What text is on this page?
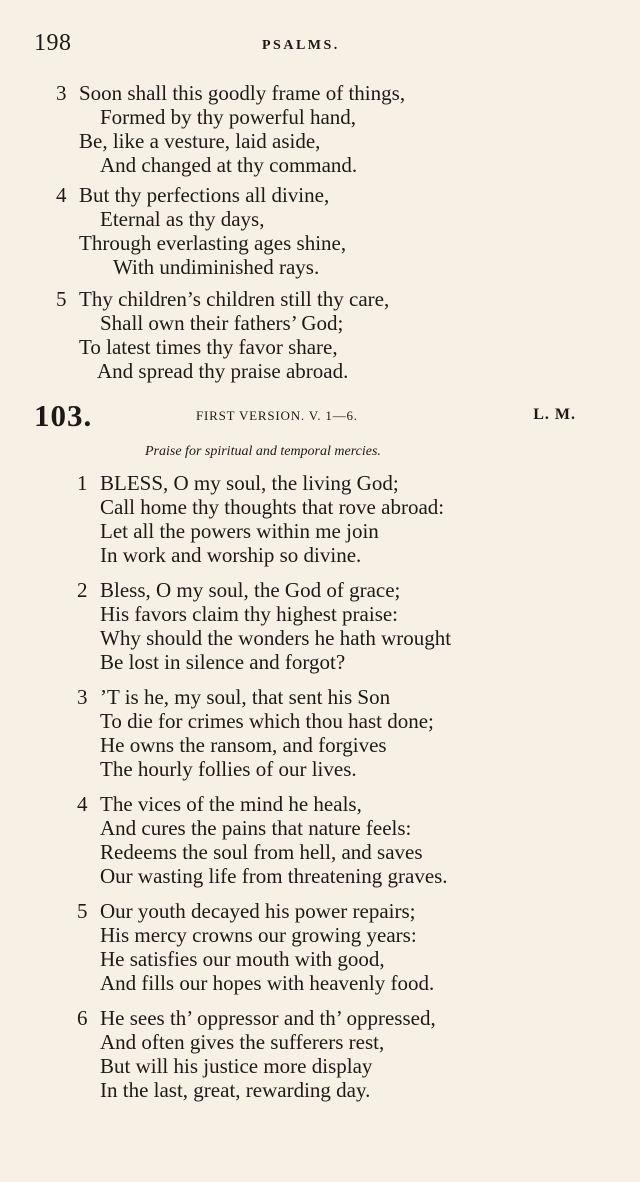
198	PSALMS.
3 Soon shall this goodly frame of things,
Formed by thy powerful hand,
Be, like a vesture, laid aside,
And changed at thy command.
4 But thy perfections all divine,
Eternal as thy days,
Through everlasting ages shine,
With undiminished rays.
5 Thy children’s children still thy care,
Shall own their fathers’ God;
To latest times thy favor share,
And spread thy praise abroad.
103.	FIRST VERSION. V. 1—6.	L. M.
Praise for spiritual and temporal mercies.
1 BLESS, O my soul, the living God;
Call home thy thoughts that rove abroad:
Let all the powers within me join
In work and worship so divine.
2 Bless, O my soul, the God of grace;
His favors claim thy highest praise:
Why should the wonders he hath wrought
Be lost in silence and forgot?
3 ’T is he, my soul, that sent his Son
To die for crimes which thou hast done;
He owns the ransom, and forgives
The hourly follies of our lives.
4 The vices of the mind he heals,
And cures the pains that nature feels:
Redeems the soul from hell, and saves
Our wasting life from threatening graves.
5 Our youth decayed his power repairs;
His mercy crowns our growing years:
He satisfies our mouth with good,
And fills our hopes with heavenly food.
6 He sees th’ oppressor and th’ oppressed,
And often gives the sufferers rest,
But will his justice more display
In the last, great, rewarding day.
